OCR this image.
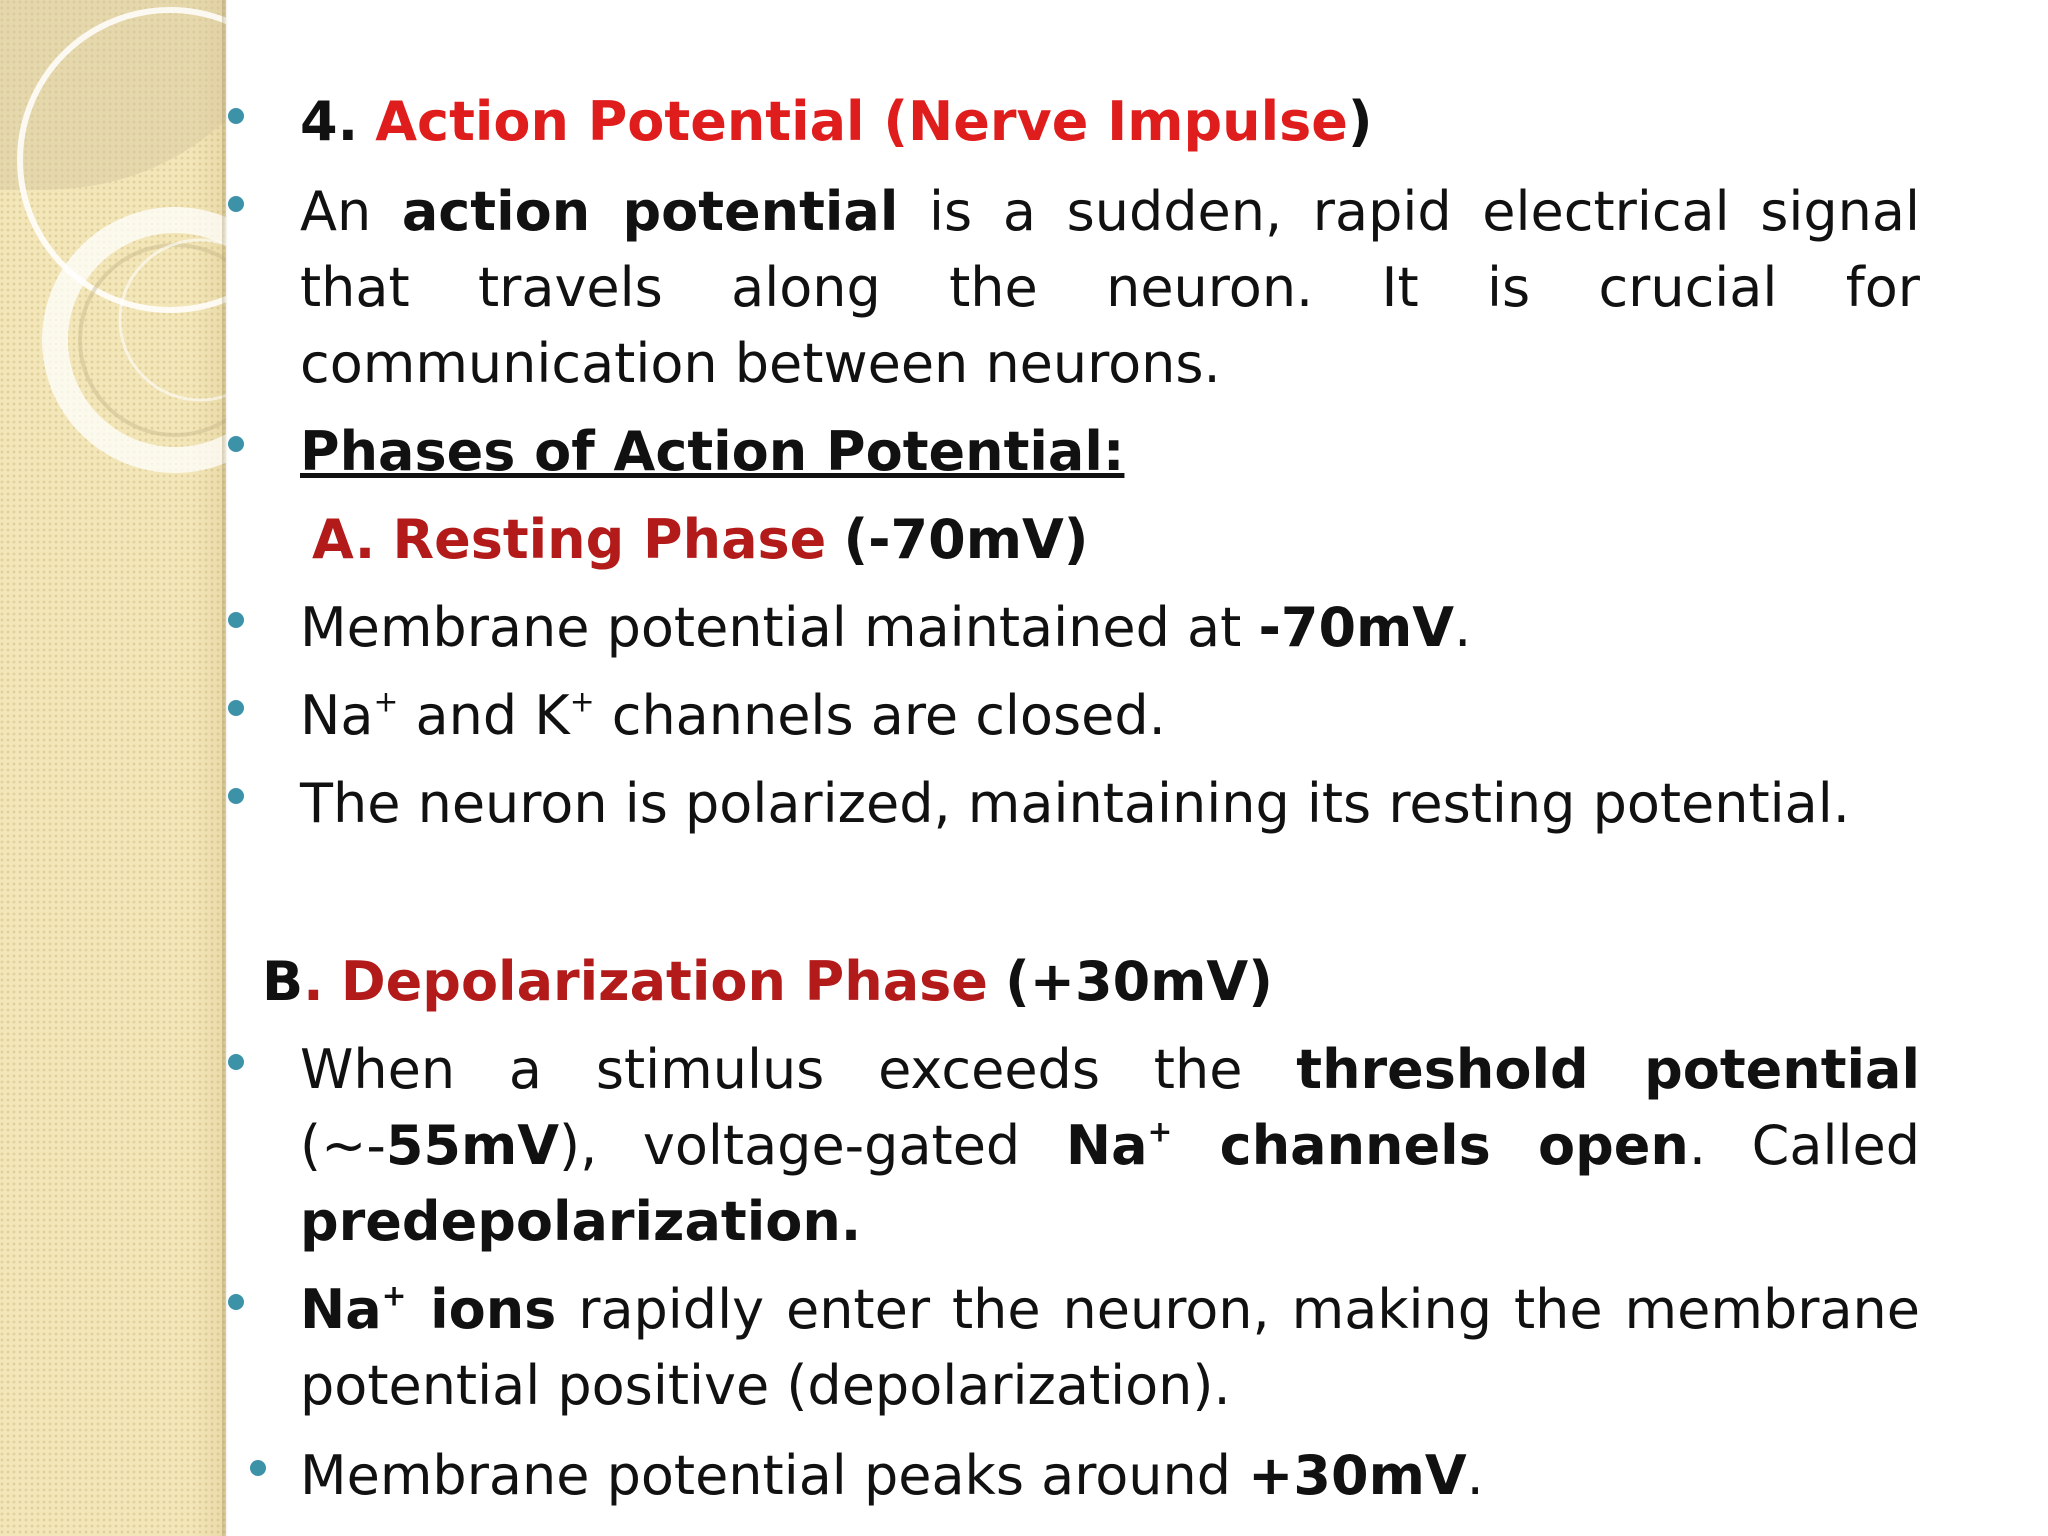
4. Action Potential (Nerve Impulse)
An action potential is a sudden, rapid electrical signal that travels along the neuron. It is crucial for communication between neurons.
Phases of Action Potential:
A. Resting Phase (-70mV)
Membrane potential maintained at -70mV.
Na+ and K+ channels are closed.
The neuron is polarized, maintaining its resting potential.
B. Depolarization Phase (+30mV)
When a stimulus exceeds the threshold potential (~-55mV), voltage-gated Na+ channels open. Called predepolarization.
Na+ ions rapidly enter the neuron, making the membrane potential positive (depolarization).
Membrane potential peaks around +30mV.
